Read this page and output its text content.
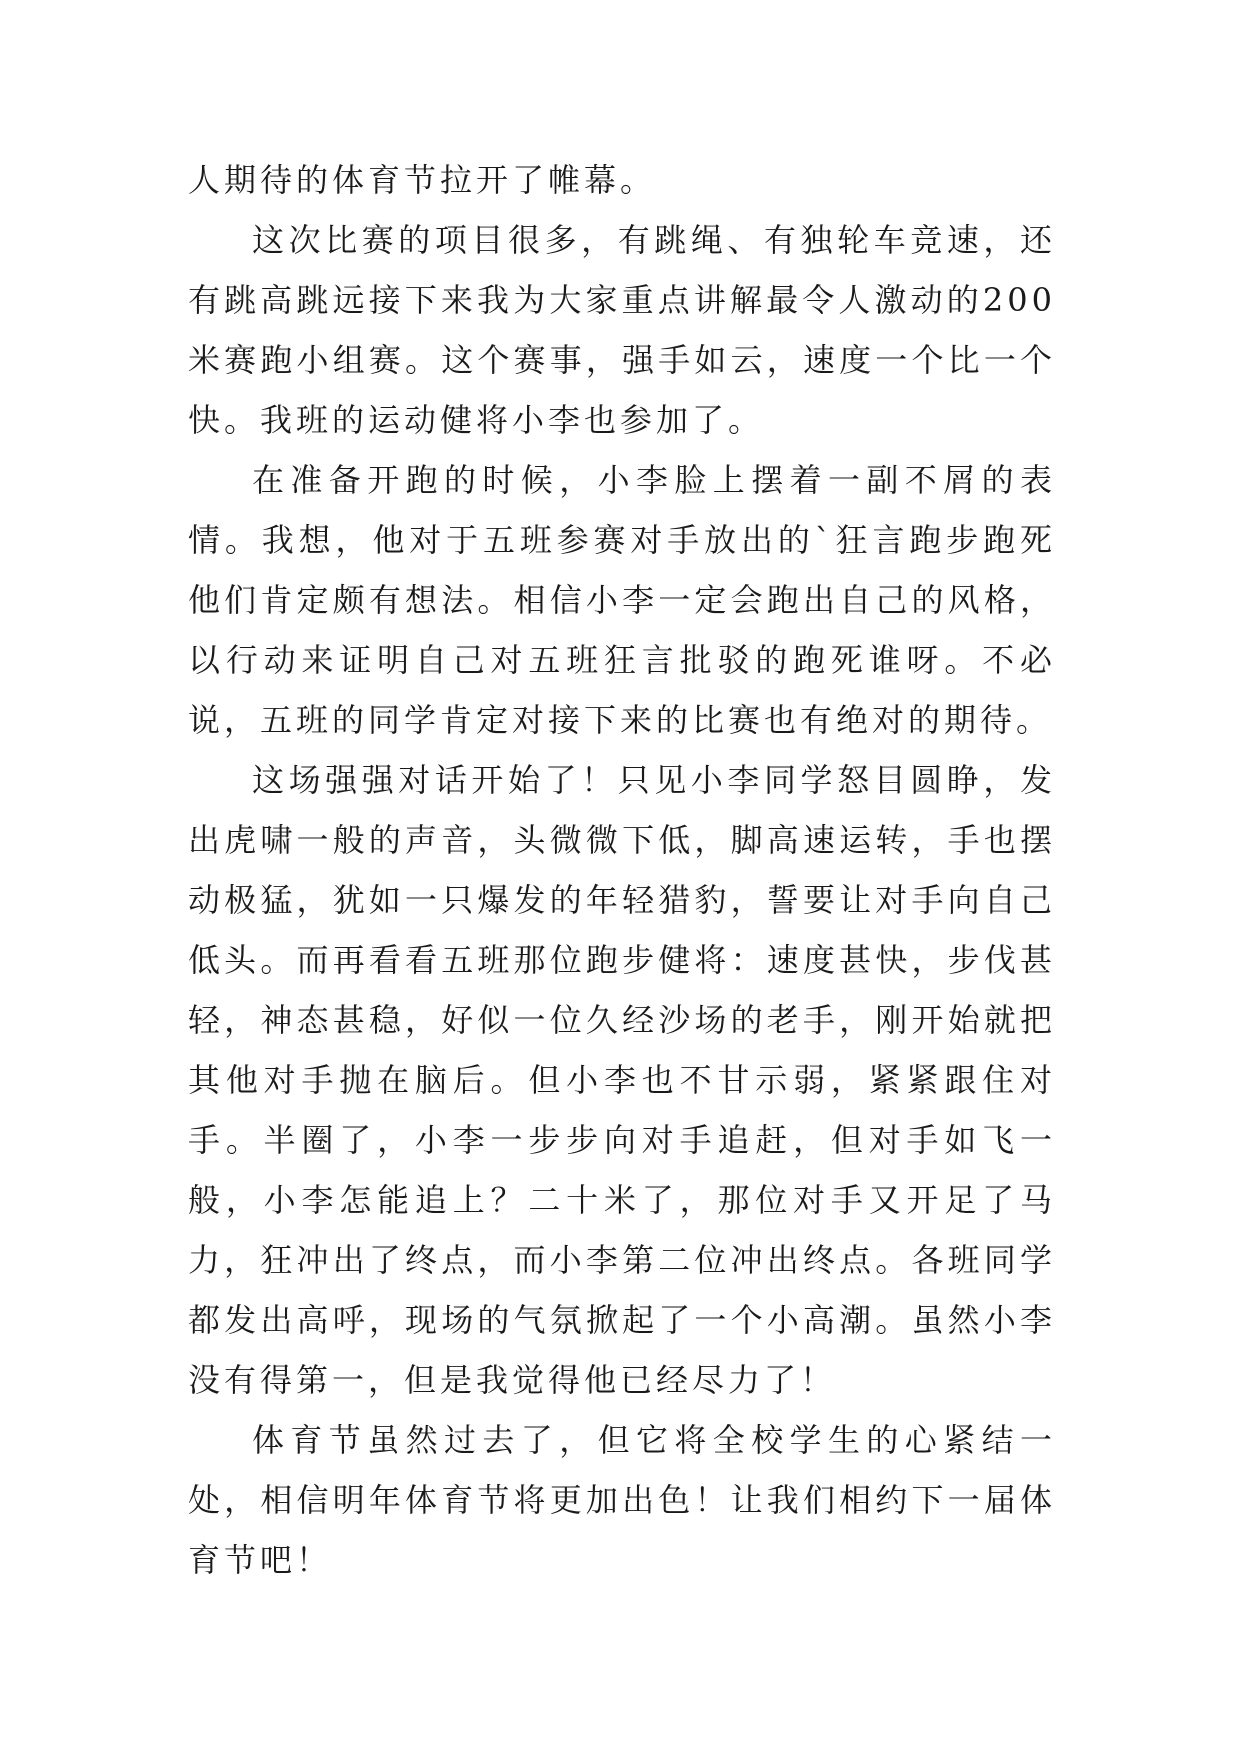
人期待的体育节拉开了帷幕。

这次比赛的项目很多，有跳绳、有独轮车竞速，还有跳高跳远接下来我为大家重点讲解最令人激动的200米赛跑小组赛。这个赛事，强手如云，速度一个比一个快。我班的运动健将小李也参加了。

在准备开跑的时候，小李脸上摆着一副不屑的表情。我想，他对于五班参赛对手放出的`狂言跑步跑死他们肯定颇有想法。相信小李一定会跑出自己的风格，以行动来证明自己对五班狂言批驳的跑死谁呀。不必说，五班的同学肯定对接下来的比赛也有绝对的期待。

这场强强对话开始了！只见小李同学怒目圆睁，发出虎啸一般的声音，头微微下低，脚高速运转，手也摆动极猛，犹如一只爆发的年轻猎豹，誓要让对手向自己低头。而再看看五班那位跑步健将：速度甚快，步伐甚轻，神态甚稳，好似一位久经沙场的老手，刚开始就把其他对手抛在脑后。但小李也不甘示弱，紧紧跟住对手。半圈了，小李一步步向对手追赶，但对手如飞一般，小李怎能追上？二十米了，那位对手又开足了马力，狂冲出了终点，而小李第二位冲出终点。各班同学都发出高呼，现场的气氛掀起了一个小高潮。虽然小李没有得第一，但是我觉得他已经尽力了！

体育节虽然过去了，但它将全校学生的心紧结一处，相信明年体育节将更加出色！让我们相约下一届体育节吧！
